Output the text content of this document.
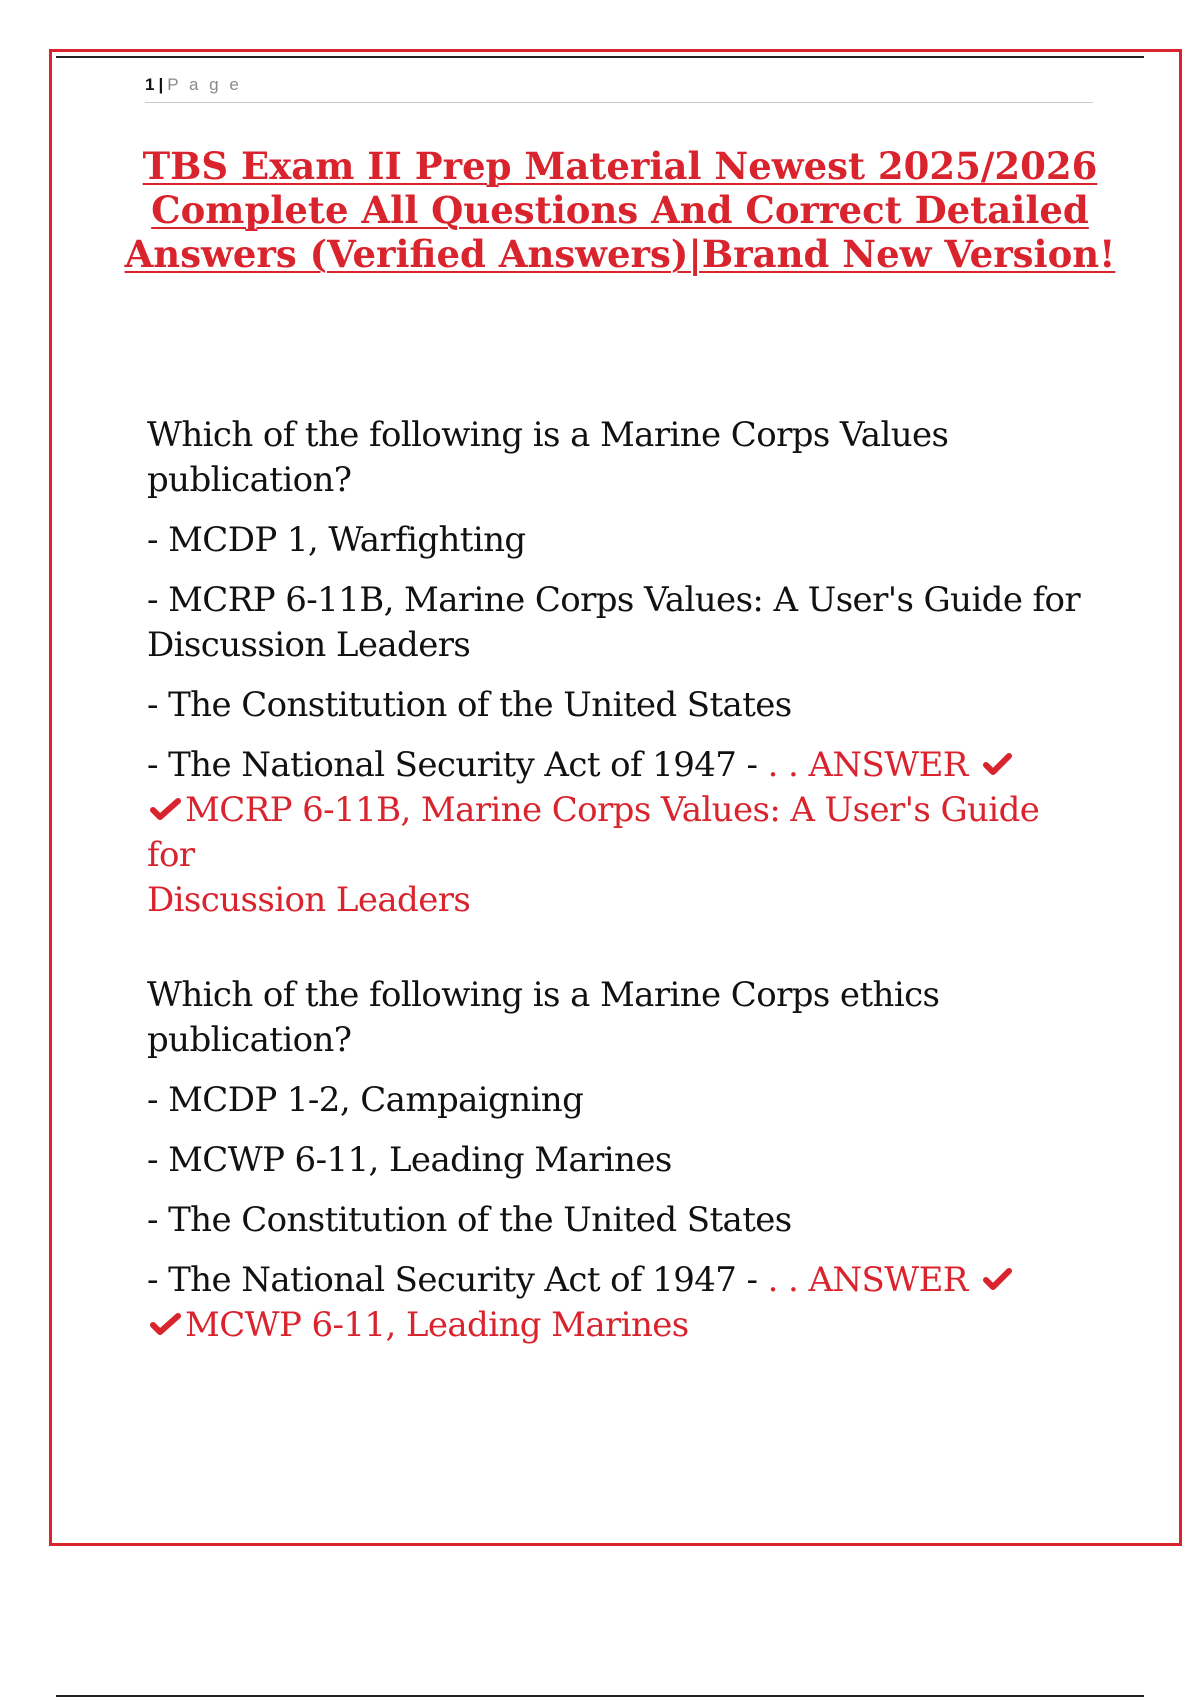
1 | P a g e
TBS Exam II Prep Material Newest 2025/2026
Complete All Questions And Correct Detailed
Answers (Verified Answers)|Brand New Version!
Which of the following is a Marine Corps Values
publication?
- MCDP 1, Warfighting
- MCRP 6-11B, Marine Corps Values: A User's Guide for Discussion Leaders
- The Constitution of the United States
- The National Security Act of 1947 - . . ANSWER
MCRP 6-11B, Marine Corps Values: A User's Guide for
Discussion Leaders
Which of the following is a Marine Corps ethics
publication?
- MCDP 1-2, Campaigning
- MCWP 6-11, Leading Marines
- The Constitution of the United States
- The National Security Act of 1947 - . . ANSWER
MCWP 6-11, Leading Marines
